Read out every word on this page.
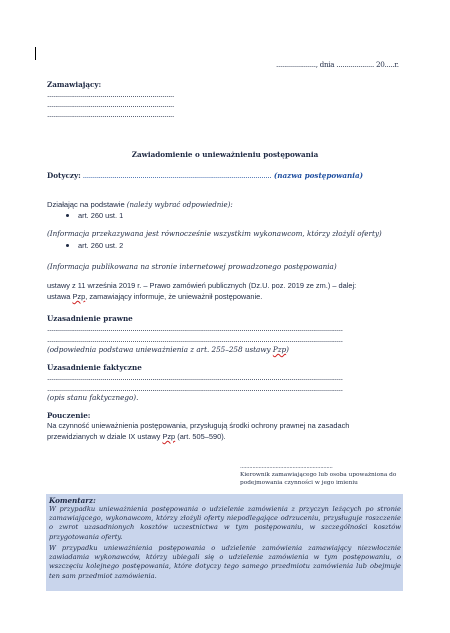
...................., dnia ................... 20.....r.
Zamawiający:
................................................................
................................................................
................................................................
Zawiadomienie o unieważnieniu postępowania
Dotyczy: ............................................................................................... (nazwa postępowania)
Działając na podstawie (należy wybrać odpowiednie):
art. 260 ust. 1
(Informacja przekazywana jest równocześnie wszystkim wykonawcom, którzy złożyli oferty)
art. 260 ust. 2
(Informacja publikowana na stronie internetowej prowadzonego postępowania)
ustawy z 11 września 2019 r. – Prawo zamówień publicznych (Dz.U. poz. 2019 ze zm.) – dalej:
ustawa Pzp, zamawiający informuje, że unieważnił postępowanie.
Uzasadnienie prawne
.....................................................................................................................................................
.....................................................................................................................................................
(odpowiednia podstawa unieważnienia z art. 255–258 ustawy Pzp)
Uzasadnienie faktyczne
.....................................................................................................................................................
.....................................................................................................................................................
(opis stanu faktycznego).
Pouczenie:
Na czynność unieważnienia postępowania, przysługują środki ochrony prawnej na zasadach
przewidzianych w dziale IX ustawy Pzp (art. 505–590).
............................................................
Kierownik zamawiającego lub osoba upoważniona do
podejmowania czynności w jego imieniu
Komentarz:
W przypadku unieważnienia postępowania o udzielenie zamówienia z przyczyn leżących po stronie zamawiającego, wykonawcom, którzy złożyli oferty niepodlegające odrzuceniu, przysługuje roszczenie o zwrot uzasadnionych kosztów uczestnictwa w tym postępowaniu, w szczególności kosztów przygotowania oferty.
W przypadku unieważnienia postępowania o udzielenie zamówienia zamawiający niezwłocznie zawiadamia wykonawców, którzy ubiegali się o udzielenie zamówienia w tym postępowaniu, o wszczęciu kolejnego postępowania, które dotyczy tego samego przedmiotu zamówienia lub obejmuje ten sam przedmiot zamówienia.
